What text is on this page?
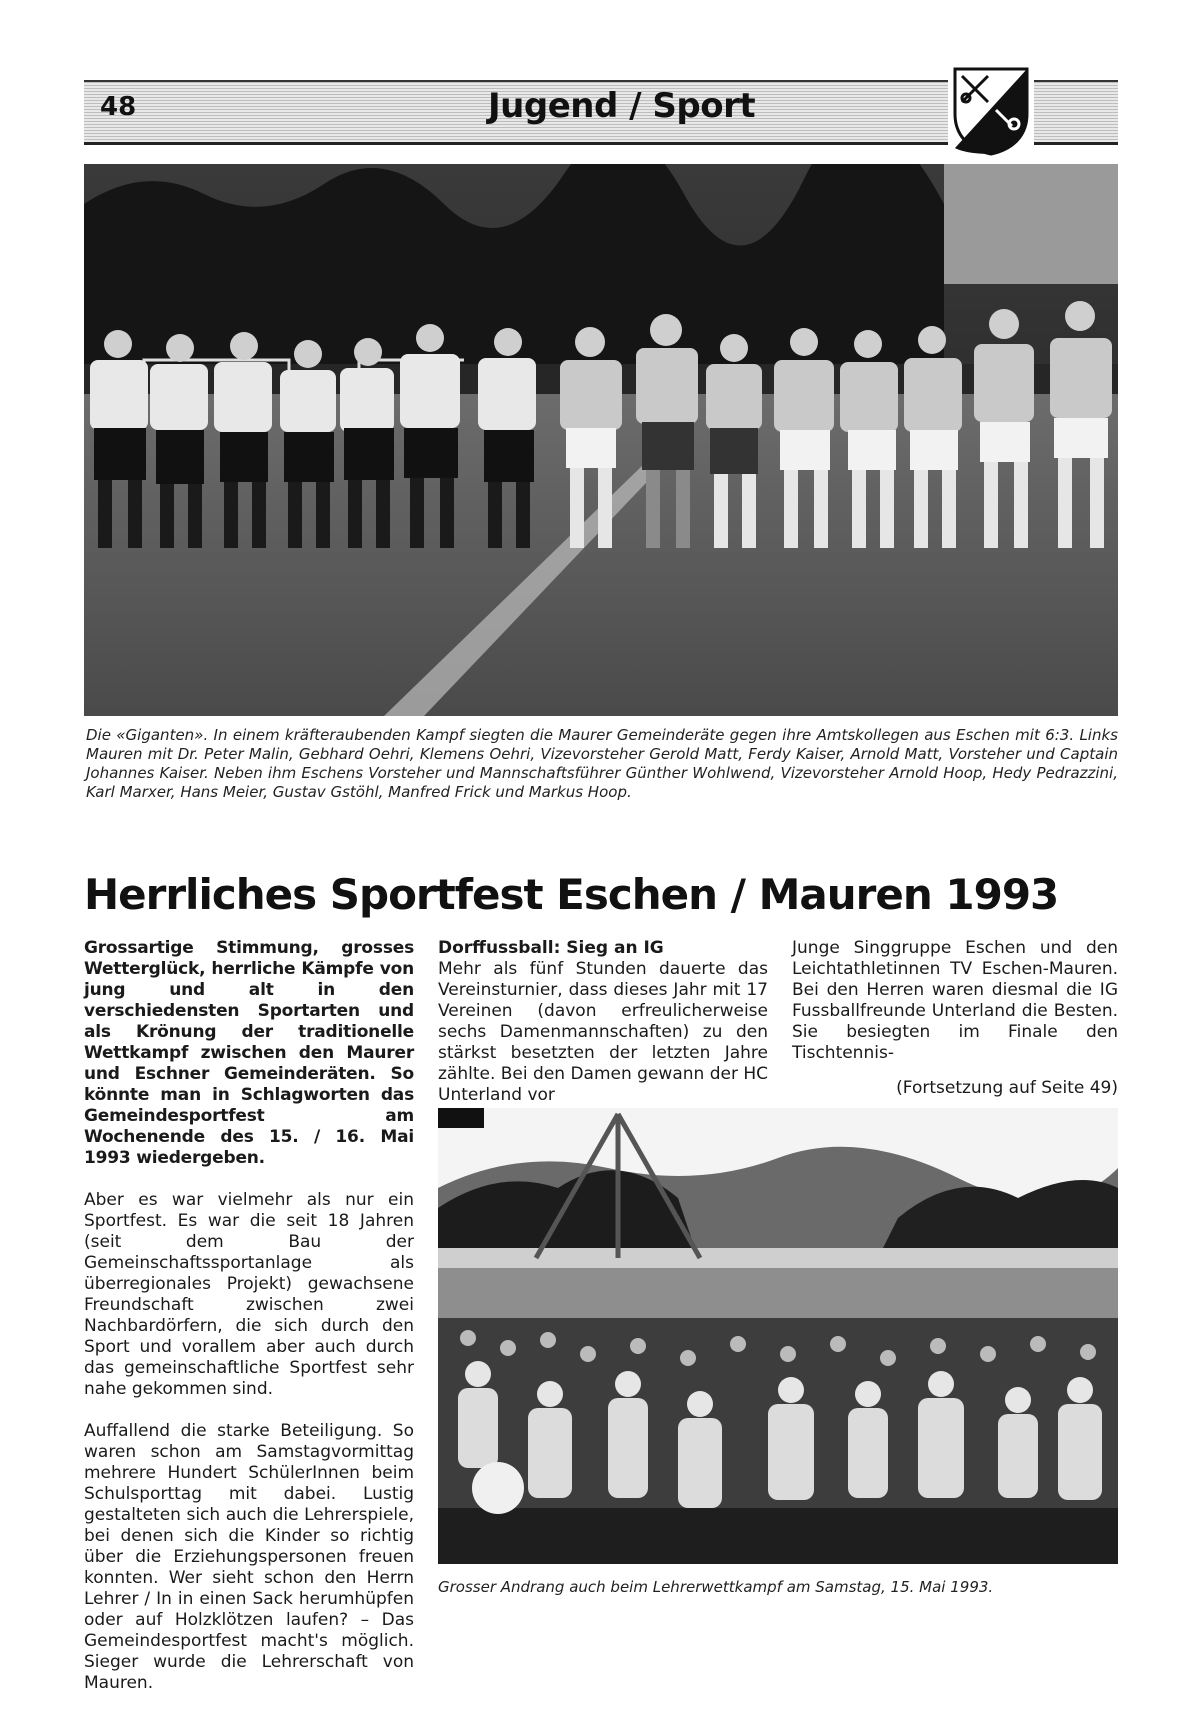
48	Jugend / Sport
Die «Giganten». In einem kräfteraubenden Kampf siegten die Maurer Gemeinderäte gegen ihre Amtskollegen aus Eschen mit 6:3. Links Mauren mit Dr. Peter Malin, Gebhard Oehri, Klemens Oehri, Vizevorsteher Gerold Matt, Ferdy Kaiser, Arnold Matt, Vorsteher und Captain Johannes Kaiser. Neben ihm Eschens Vorsteher und Mannschaftsführer Günther Wohlwend, Vizevorsteher Arnold Hoop, Hedy Pedrazzini, Karl Marxer, Hans Meier, Gustav Gstöhl, Manfred Frick und Markus Hoop.
Herrliches Sportfest Eschen / Mauren 1993

Grossartige Stimmung, grosses Wetterglück, herrliche Kämpfe von jung und alt in den verschiedensten Sportarten und als Krönung der traditionelle Wettkampf zwischen den Maurer und Eschner Gemeinderäten. So könnte man in Schlagworten das Gemeindesportfest am Wochenende des 15. / 16. Mai 1993 wiedergeben.

Aber es war vielmehr als nur ein Sportfest. Es war die seit 18 Jahren (seit dem Bau der Gemeinschaftssportanlage als überregionales Projekt) gewachsene Freundschaft zwischen zwei Nachbardörfern, die sich durch den Sport und vorallem aber auch durch das gemeinschaftliche Sportfest sehr nahe gekommen sind.

Auffallend die starke Beteiligung. So waren schon am Samstagvormittag mehrere Hundert SchülerInnen beim Schulsporttag mit dabei. Lustig gestalteten sich auch die Lehrerspiele, bei denen sich die Kinder so richtig über die Erziehungspersonen freuen konnten. Wer sieht schon den Herrn Lehrer / In in einen Sack herumhüpfen oder auf Holzklötzen laufen? – Das Gemeindesportfest macht's möglich. Sieger wurde die Lehrerschaft von Mauren.

Dorffussball: Sieg an IG
Mehr als fünf Stunden dauerte das Vereinsturnier, dass dieses Jahr mit 17 Vereinen (davon erfreulicherweise sechs Damenmannschaften) zu den stärkst besetzten der letzten Jahre zählte. Bei den Damen gewann der HC Unterland vor
Junge Singgruppe Eschen und den Leichtathletinnen TV Eschen-Mauren. Bei den Herren waren diesmal die IG Fussballfreunde Unterland die Besten. Sie besiegten im Finale den Tischtennis-
(Fortsetzung auf Seite 49)
Grosser Andrang auch beim Lehrerwettkampf am Samstag, 15. Mai 1993.
